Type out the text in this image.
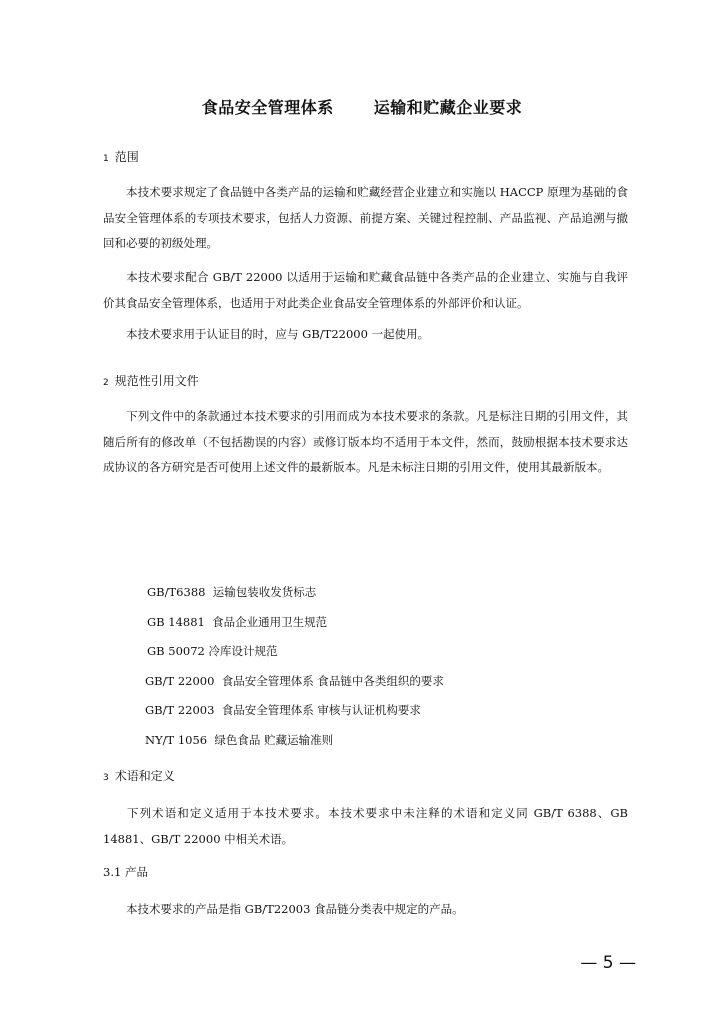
食品安全管理体系	运输和贮藏企业要求
1 范围
本技术要求规定了食品链中各类产品的运输和贮藏经营企业建立和实施以 HACCP 原理为基础的食品安全管理体系的专项技术要求，包括人力资源、前提方案、关键过程控制、产品监视、产品追溯与撤回和必要的初级处理。
本技术要求配合 GB/T 22000 以适用于运输和贮藏食品链中各类产品的企业建立、实施与自我评价其食品安全管理体系，也适用于对此类企业食品安全管理体系的外部评价和认证。
本技术要求用于认证目的时，应与 GB/T22000 一起使用。
2 规范性引用文件
下列文件中的条款通过本技术要求的引用而成为本技术要求的条款。凡是标注日期的引用文件，其随后所有的修改单（不包括勘误的内容）或修订版本均不适用于本文件，然而，鼓励根据本技术要求达成协议的各方研究是否可使用上述文件的最新版本。凡是未标注日期的引用文件，使用其最新版本。
GB/T6388  运输包装收发货标志
GB 14881  食品企业通用卫生规范
GB 50072 冷库设计规范
GB/T 22000  食品安全管理体系 食品链中各类组织的要求
GB/T 22003  食品安全管理体系 审核与认证机构要求
NY/T 1056  绿色食品 贮藏运输准则
3 术语和定义
下列术语和定义适用于本技术要求。本技术要求中未注释的术语和定义同 GB/T 6388、GB 14881、GB/T 22000 中相关术语。
3.1 产品
本技术要求的产品是指 GB/T22003 食品链分类表中规定的产品。
— 5 —
